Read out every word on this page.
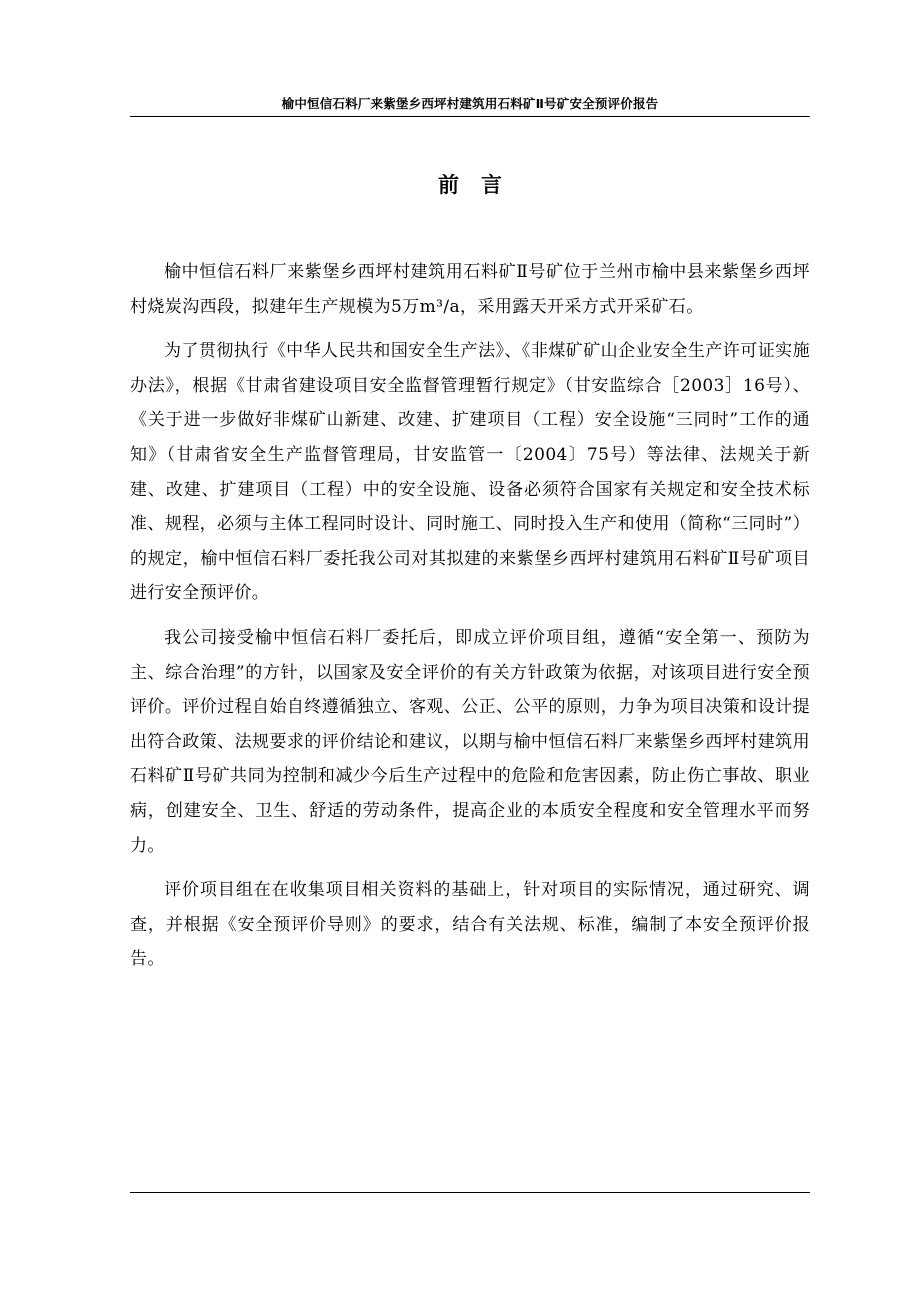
榆中恒信石料厂来紫堡乡西坪村建筑用石料矿Ⅱ号矿安全预评价报告
前言

榆中恒信石料厂来紫堡乡西坪村建筑用石料矿Ⅱ号矿位于兰州市榆中县来紫堡乡西坪村烧炭沟西段，拟建年生产规模为5万m³/a，采用露天开采方式开采矿石。

为了贯彻执行《中华人民共和国安全生产法》、《非煤矿矿山企业安全生产许可证实施办法》，根据《甘肃省建设项目安全监督管理暂行规定》（甘安监综合［2003］16号）、《关于进一步做好非煤矿山新建、改建、扩建项目（工程）安全设施“三同时”工作的通知》（甘肃省安全生产监督管理局，甘安监管一〔2004〕75号）等法律、法规关于新建、改建、扩建项目（工程）中的安全设施、设备必须符合国家有关规定和安全技术标准、规程，必须与主体工程同时设计、同时施工、同时投入生产和使用（简称“三同时”）的规定，榆中恒信石料厂委托我公司对其拟建的来紫堡乡西坪村建筑用石料矿Ⅱ号矿项目进行安全预评价。

我公司接受榆中恒信石料厂委托后，即成立评价项目组，遵循“安全第一、预防为主、综合治理”的方针，以国家及安全评价的有关方针政策为依据，对该项目进行安全预评价。评价过程自始自终遵循独立、客观、公正、公平的原则，力争为项目决策和设计提出符合政策、法规要求的评价结论和建议，以期与榆中恒信石料厂来紫堡乡西坪村建筑用石料矿Ⅱ号矿共同为控制和减少今后生产过程中的危险和危害因素，防止伤亡事故、职业病，创建安全、卫生、舒适的劳动条件，提高企业的本质安全程度和安全管理水平而努力。

评价项目组在在收集项目相关资料的基础上，针对项目的实际情况，通过研究、调查，并根据《安全预评价导则》的要求，结合有关法规、标准，编制了本安全预评价报告。
